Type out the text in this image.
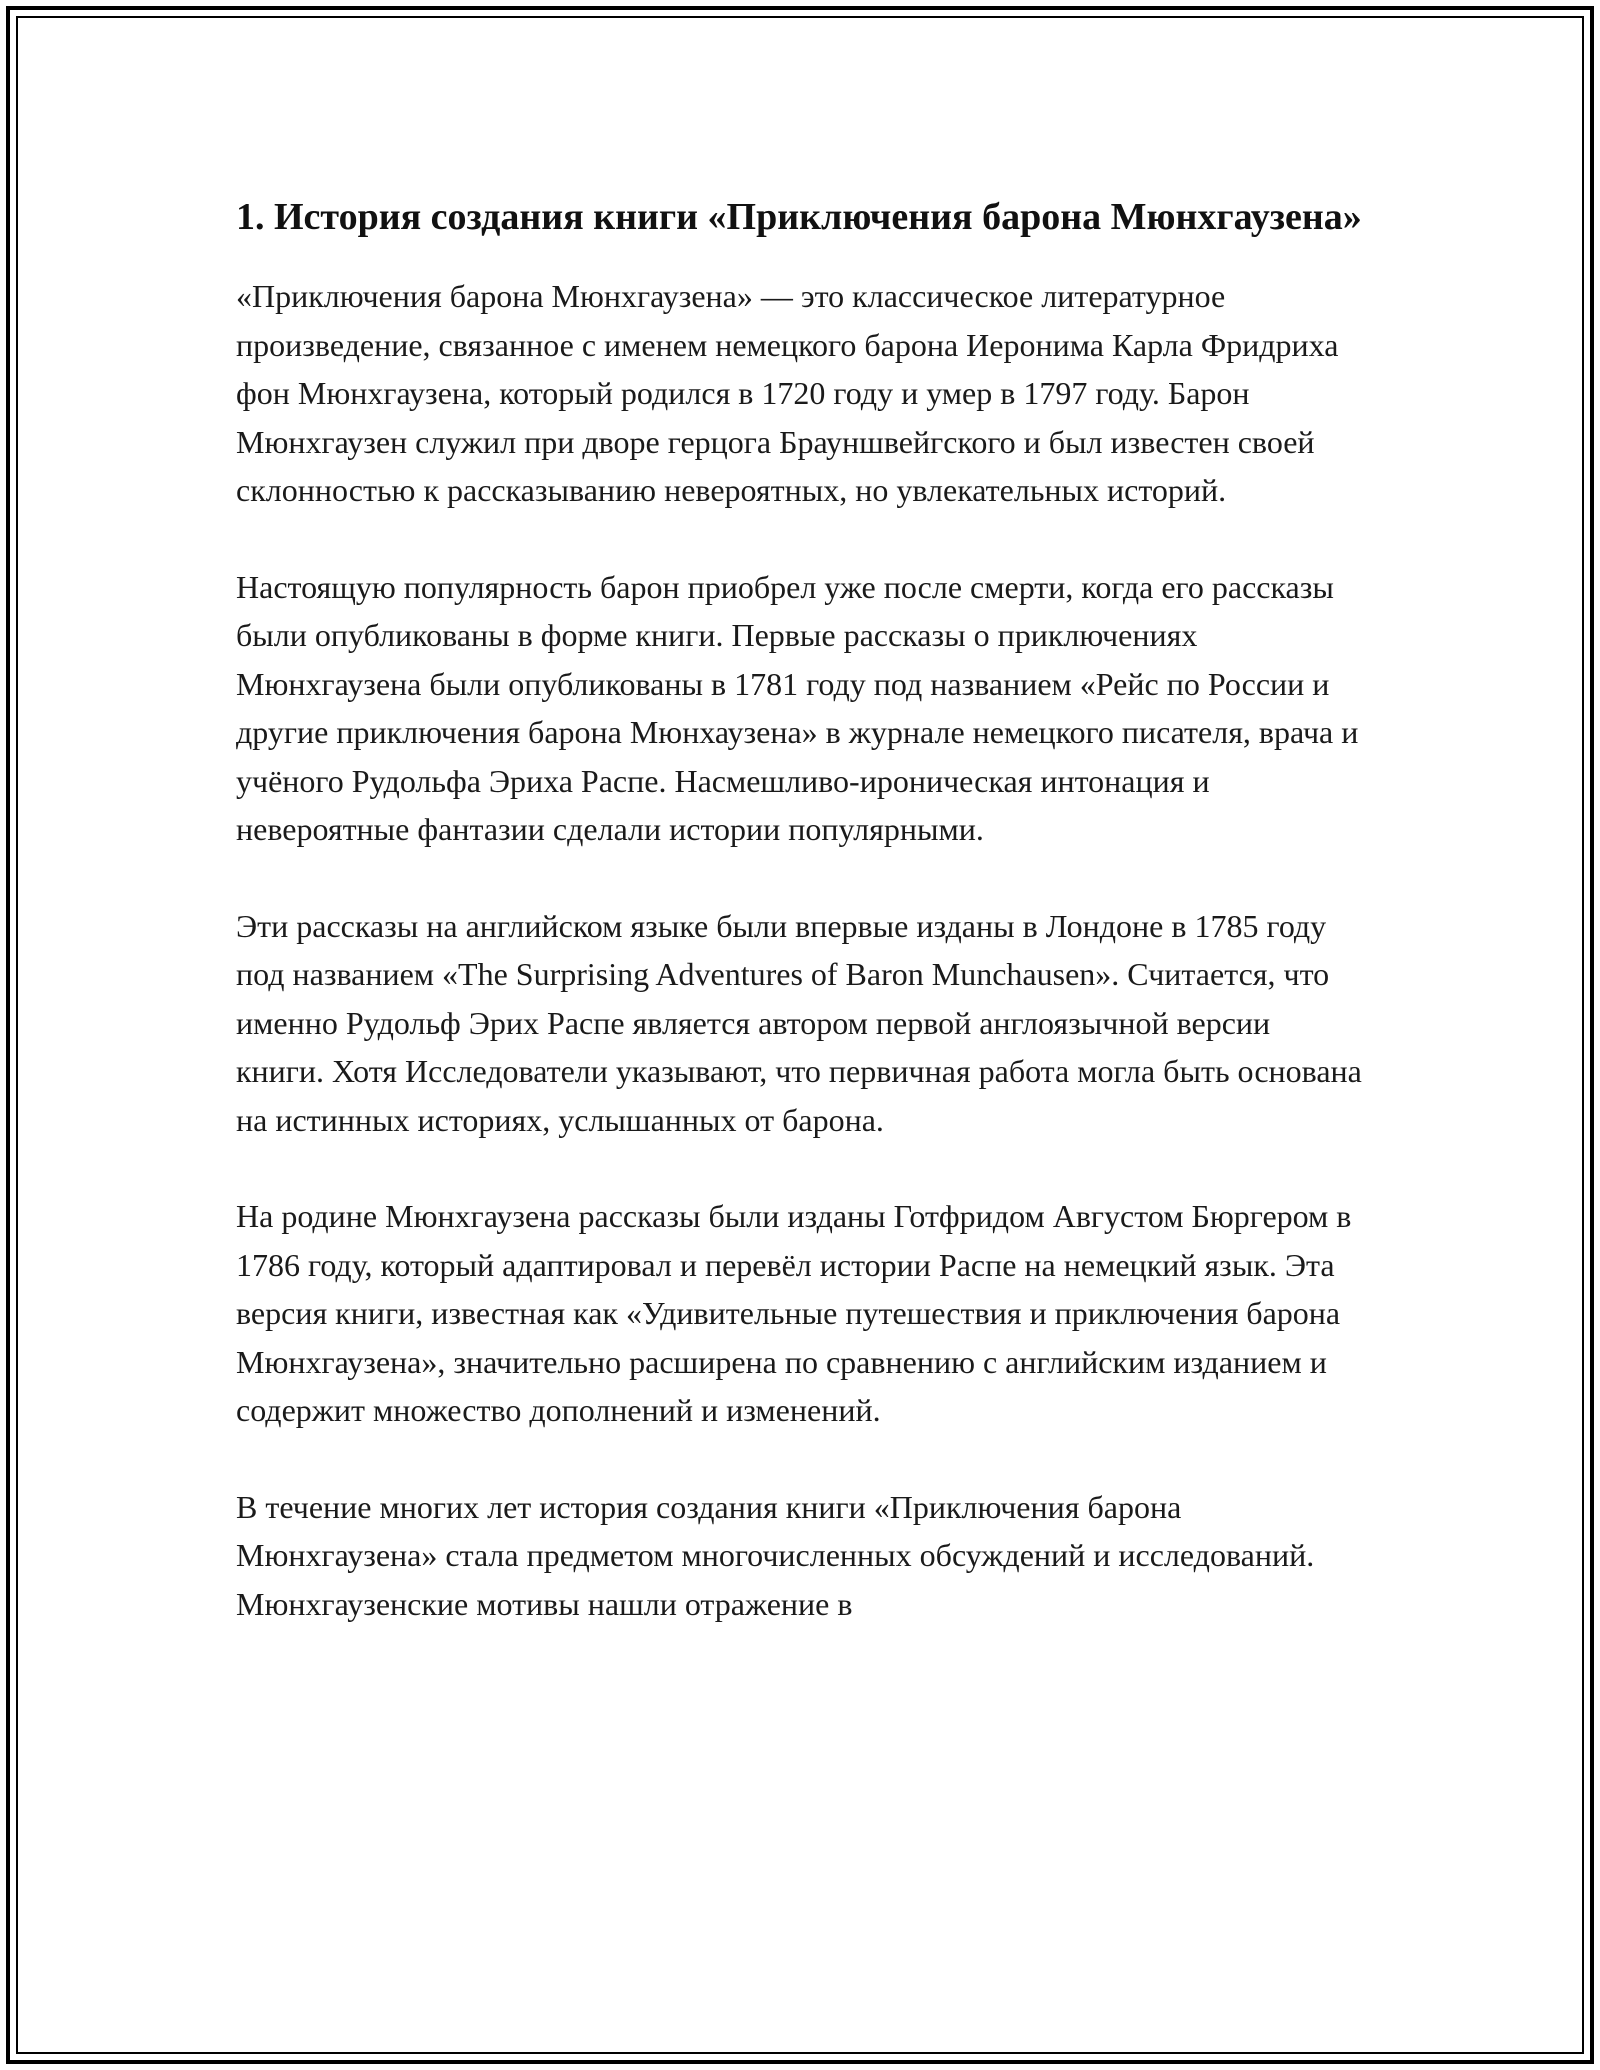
1. История создания книги «Приключения барона Мюнхгаузена»

«Приключения барона Мюнхгаузена» — это классическое литературное произведение, связанное с именем немецкого барона Иеронима Карла Фридриха фон Мюнхгаузена, который родился в 1720 году и умер в 1797 году. Барон Мюнхгаузен служил при дворе герцога Брауншвейгского и был известен своей склонностью к рассказыванию невероятных, но увлекательных историй.

Настоящую популярность барон приобрел уже после смерти, когда его рассказы были опубликованы в форме книги. Первые рассказы о приключениях Мюнхгаузена были опубликованы в 1781 году под названием «Рейс по России и другие приключения барона Мюнхаузена» в журнале немецкого писателя, врача и учёного Рудольфа Эриха Распе. Насмешливо-ироническая интонация и невероятные фантазии сделали истории популярными.

Эти рассказы на английском языке были впервые изданы в Лондоне в 1785 году под названием «The Surprising Adventures of Baron Munchausen». Считается, что именно Рудольф Эрих Распе является автором первой англоязычной версии книги. Хотя Исследователи указывают, что первичная работа могла быть основана на истинных историях, услышанных от барона.

На родине Мюнхгаузена рассказы были изданы Готфридом Августом Бюргером в 1786 году, который адаптировал и перевёл истории Распе на немецкий язык. Эта версия книги, известная как «Удивительные путешествия и приключения барона Мюнхгаузена», значительно расширена по сравнению с английским изданием и содержит множество дополнений и изменений.

В течение многих лет история создания книги «Приключения барона Мюнхгаузена» стала предметом многочисленных обсуждений и исследований. Мюнхгаузенские мотивы нашли отражение в
